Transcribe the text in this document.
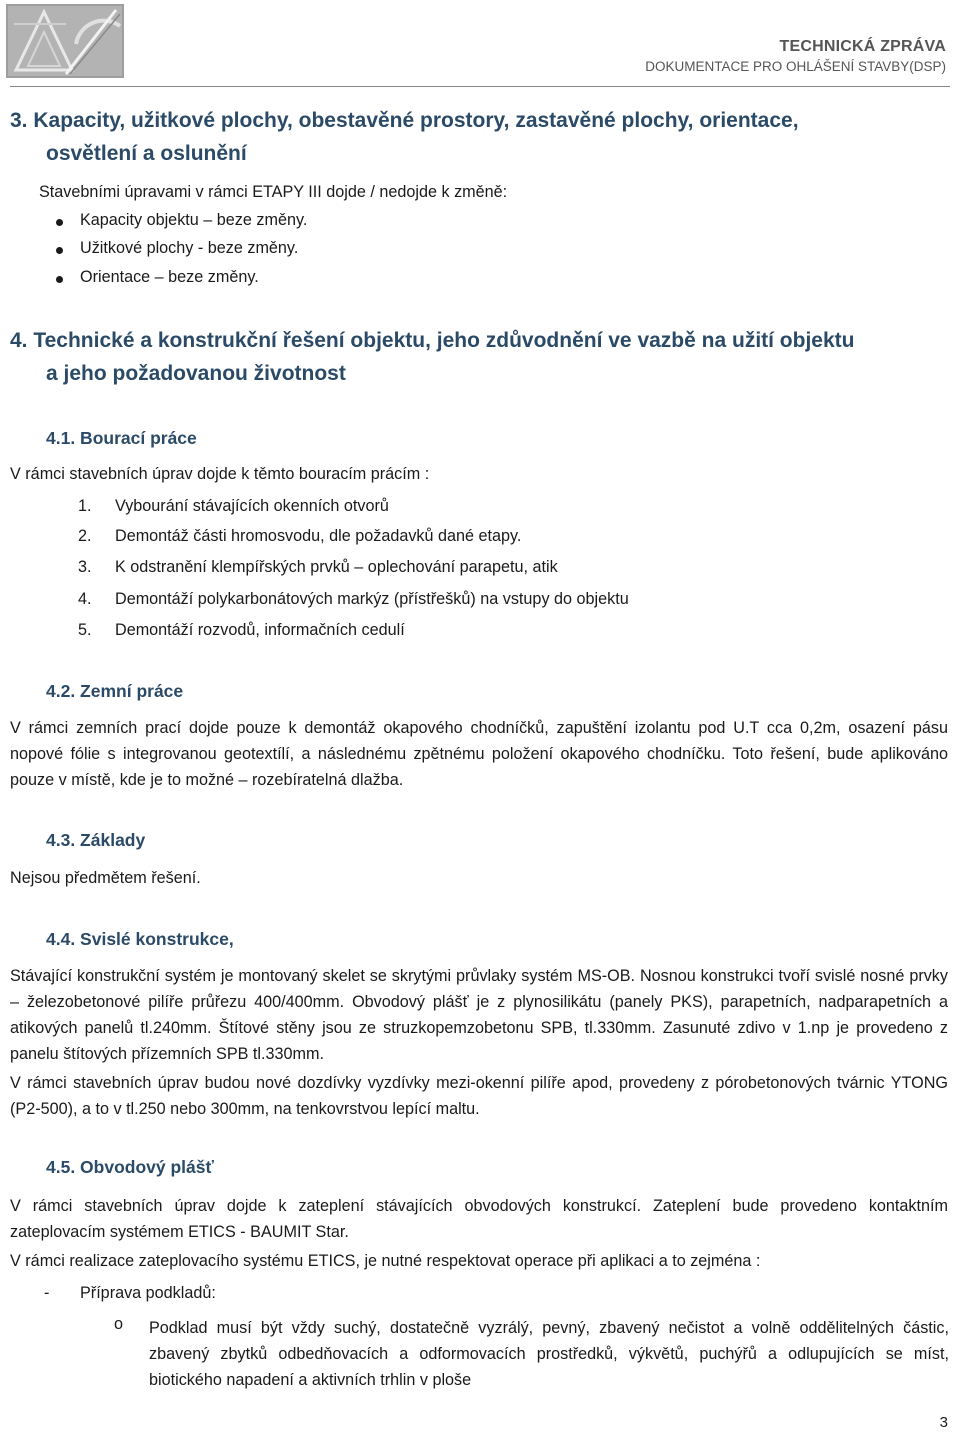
TECHNICKÁ ZPRÁVA
DOKUMENTACE PRO OHLÁŠENÍ STAVBY(DSP)
3. Kapacity, užitkové plochy, obestavěné prostory, zastavěné plochy, orientace,
osvětlení a oslunění
Stavebními úpravami v rámci ETAPY III dojde / nedojde k změně:
Kapacity objektu – beze změny.
Užitkové plochy - beze změny.
Orientace – beze změny.
4. Technické a konstrukční řešení objektu, jeho zdůvodnění ve vazbě na užití objektu
a jeho požadovanou životnost
4.1. Bourací práce
V rámci stavebních úprav dojde k těmto bouracím prácím :
1. Vybourání stávajících okenních otvorů
2. Demontáž části hromosvodu, dle požadavků dané etapy.
3. K odstranění klempířských prvků – oplechování parapetu, atik
4. Demontáží polykarbonátových markýz (přístřešků) na vstupy do objektu
5. Demontáží rozvodů, informačních cedulí
4.2. Zemní práce
V rámci zemních prací dojde pouze k demontáž okapového chodníčků, zapuštění izolantu pod U.T cca 0,2m, osazení pásu nopové fólie s integrovanou geotextílí, a následnému zpětnému položení okapového chodníčku. Toto řešení, bude aplikováno pouze v místě, kde je to možné – rozebíratelná dlažba.
4.3. Základy
Nejsou předmětem řešení.
4.4. Svislé konstrukce,
Stávající konstrukční systém je montovaný skelet se skrytými průvlaky systém MS-OB. Nosnou konstrukci tvoří svislé nosné prvky – železobetonové pilíře průřezu 400/400mm. Obvodový plášť je z plynosilikátu (panely PKS), parapetních, nadparapetních a atikových panelů tl.240mm. Štítové stěny jsou ze struzkopemzobetonu SPB, tl.330mm. Zasunuté zdivo v 1.np je provedeno z panelu štítových přízemních SPB tl.330mm.
V rámci stavebních úprav budou nové dozdívky vyzdívky mezi-okenní pilíře apod, provedeny z pórobetonových tvárnic YTONG (P2-500), a to v tl.250 nebo 300mm, na tenkovrstvou lepící maltu.
4.5. Obvodový plášť
V rámci stavebních úprav dojde k zateplení stávajících obvodových konstrukcí. Zateplení bude provedeno kontaktním zateplovacím systémem ETICS - BAUMIT Star.
V rámci realizace zateplovacího systému ETICS, je nutné respektovat operace při aplikaci a to zejména :
- Příprava podkladů:
o Podklad musí být vždy suchý, dostatečně vyzrálý, pevný, zbavený nečistot a volně oddělitelných částic, zbavený zbytků odbedňovacích a odformovacích prostředků, výkvětů, puchýřů a odlupujících se míst, biotického napadení a aktivních trhlin v ploše
3
